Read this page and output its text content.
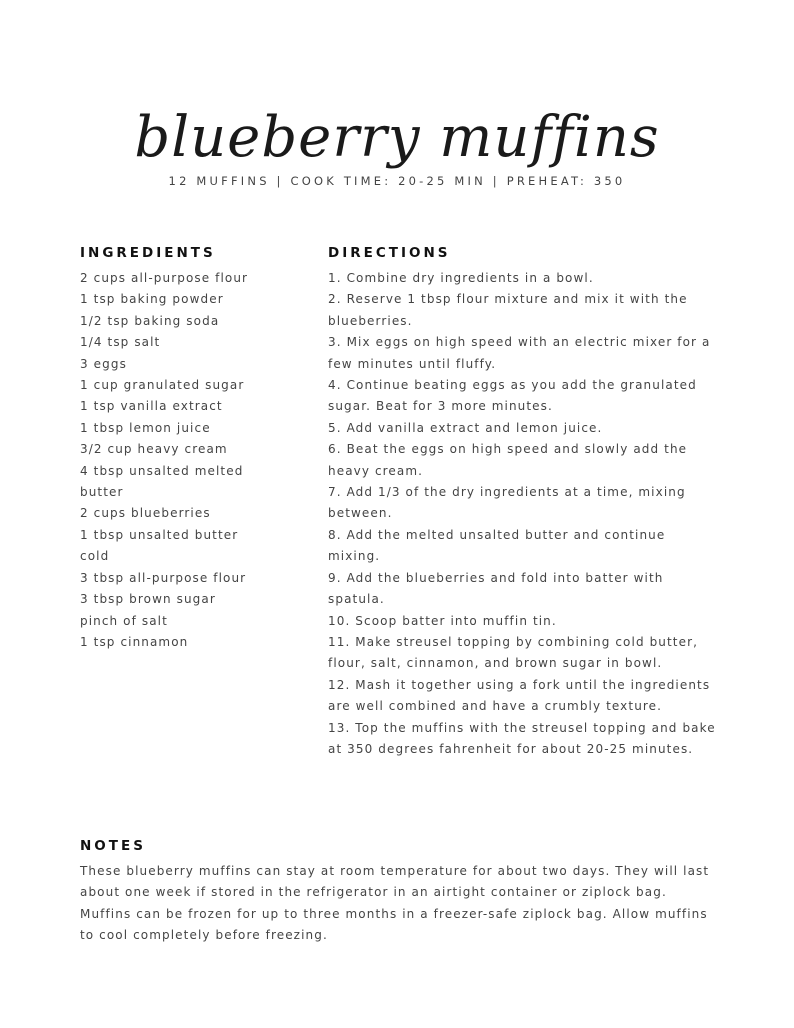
blueberry muffins
12 MUFFINS | COOK TIME: 20-25 MIN | PREHEAT: 350
INGREDIENTS
2 cups all-purpose flour
1 tsp baking powder
1/2 tsp baking soda
1/4 tsp salt
3 eggs
1 cup granulated sugar
1 tsp vanilla extract
1 tbsp lemon juice
3/2 cup heavy cream
4 tbsp unsalted melted butter
2 cups blueberries
1 tbsp unsalted butter cold
3 tbsp all-purpose flour
3 tbsp brown sugar
pinch of salt
1 tsp cinnamon
DIRECTIONS
1. Combine dry ingredients in a bowl.
2. Reserve 1 tbsp flour mixture and mix it with the blueberries.
3. Mix eggs on high speed with an electric mixer for a few minutes until fluffy.
4. Continue beating eggs as you add the granulated sugar. Beat for 3 more minutes.
5. Add vanilla extract and lemon juice.
6. Beat the eggs on high speed and slowly add the heavy cream.
7. Add 1/3 of the dry ingredients at a time, mixing between.
8. Add the melted unsalted butter and continue mixing.
9. Add the blueberries and fold into batter with spatula.
10. Scoop batter into muffin tin.
11. Make streusel topping by combining cold butter, flour, salt, cinnamon, and brown sugar in bowl.
12. Mash it together using a fork until the ingredients are well combined and have a crumbly texture.
13. Top the muffins with the streusel topping and bake at 350 degrees fahrenheit for about 20-25 minutes.
NOTES

These blueberry muffins can stay at room temperature for about two days. They will last about one week if stored in the refrigerator in an airtight container or ziplock bag. Muffins can be frozen for up to three months in a freezer-safe ziplock bag. Allow muffins to cool completely before freezing.
